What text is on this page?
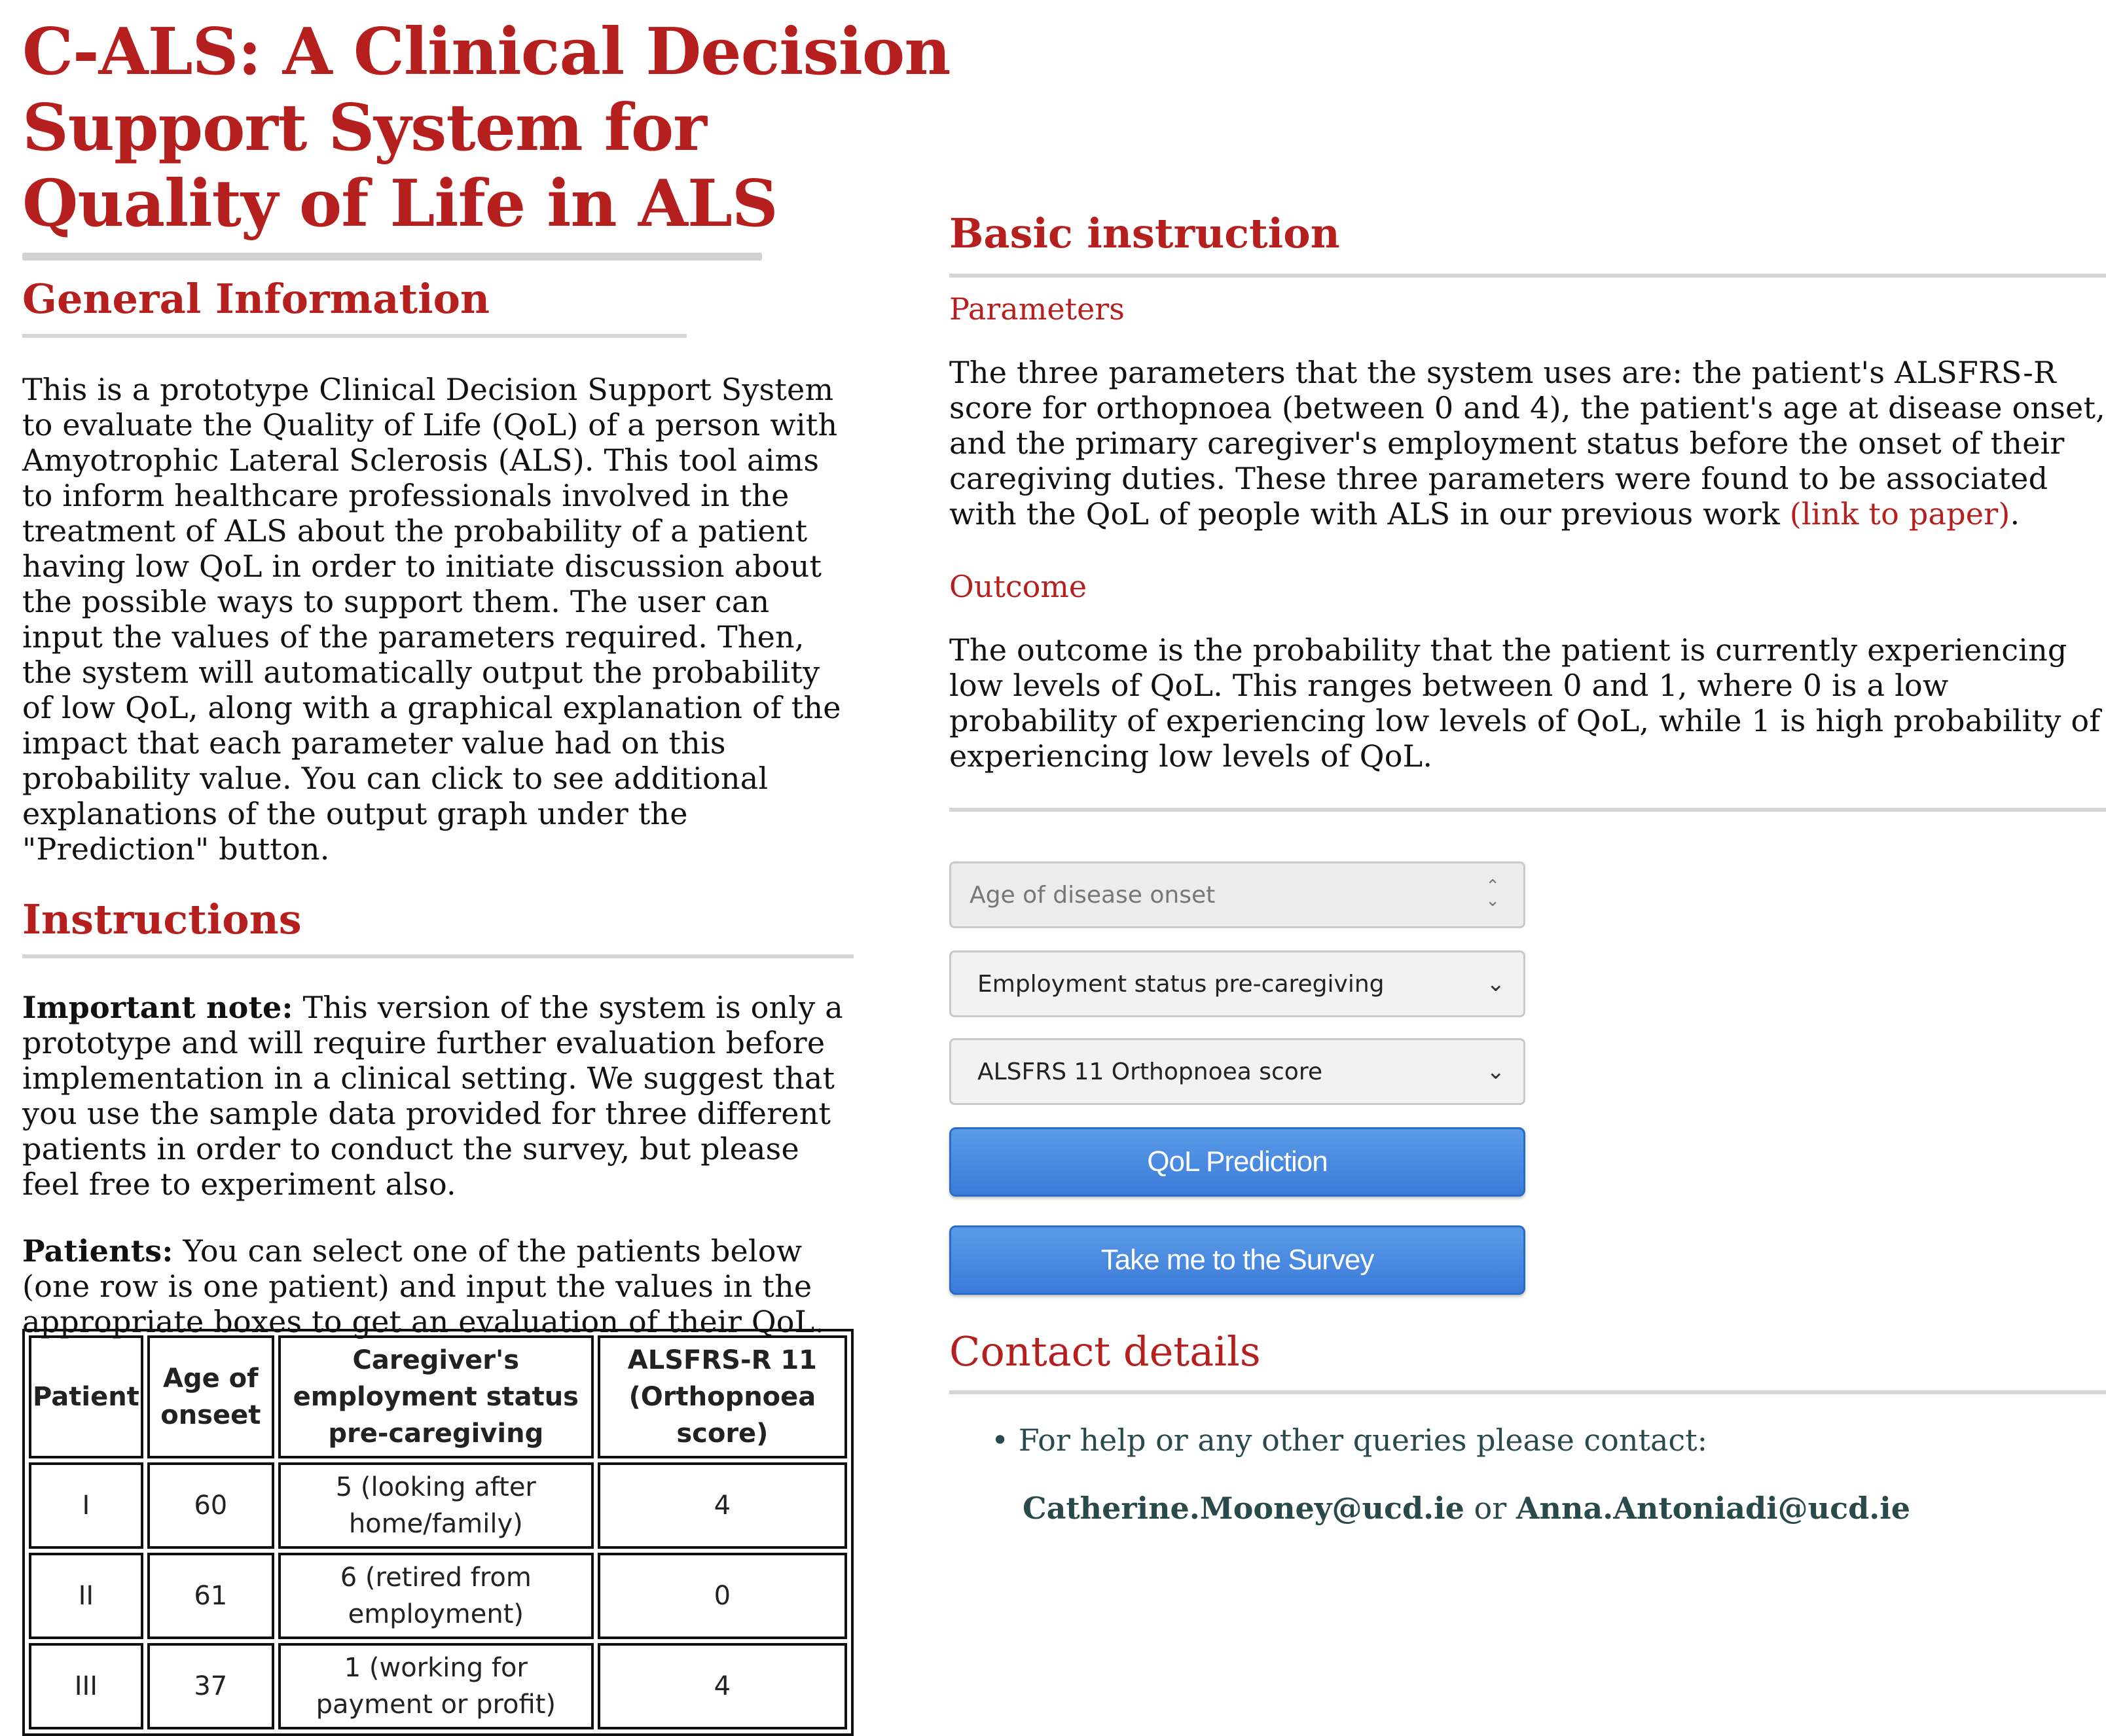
C-ALS: A Clinical Decision Support System for Quality of Life in ALS
General Information

This is a prototype Clinical Decision Support System to evaluate the Quality of Life (QoL) of a person with Amyotrophic Lateral Sclerosis (ALS). This tool aims to inform healthcare professionals involved in the treatment of ALS about the probability of a patient having low QoL in order to initiate discussion about the possible ways to support them. The user can input the values of the parameters required. Then, the system will automatically output the probability of low QoL, along with a graphical explanation of the impact that each parameter value had on this probability value. You can click to see additional explanations of the output graph under the "Prediction" button.

Instructions

Important note: This version of the system is only a prototype and will require further evaluation before implementation in a clinical setting. We suggest that you use the sample data provided for three different patients in order to conduct the survey, but please feel free to experiment also.

Patients: You can select one of the patients below (one row is one patient) and input the values in the appropriate boxes to get an evaluation of their QoL.

Patient	Age of onseet	Caregiver's employment status pre-caregiving	ALSFRS-R 11 (Orthopnoea score)
I	60	5 (looking after home/family)	4
II	61	6 (retired from employment)	0
III	37	1 (working for payment or profit)	4
Basic instruction

Parameters

The three parameters that the system uses are: the patient's ALSFRS-R score for orthopnoea (between 0 and 4), the patient's age at disease onset, and the primary caregiver's employment status before the onset of their caregiving duties. These three parameters were found to be associated with the QoL of people with ALS in our previous work (link to paper).

Outcome

The outcome is the probability that the patient is currently experiencing low levels of QoL. This ranges between 0 and 1, where 0 is a low probability of experiencing low levels of QoL, while 1 is high probability of experiencing low levels of QoL.

Age of disease onset	⌃
⌄
Employment status pre-caregiving	⌄
ALSFRS 11 Orthopnoea score	⌄
QoL Prediction
Take me to the Survey
Contact details
• For help or any other queries please contact:
Catherine.Mooney@ucd.ie or Anna.Antoniadi@ucd.ie
